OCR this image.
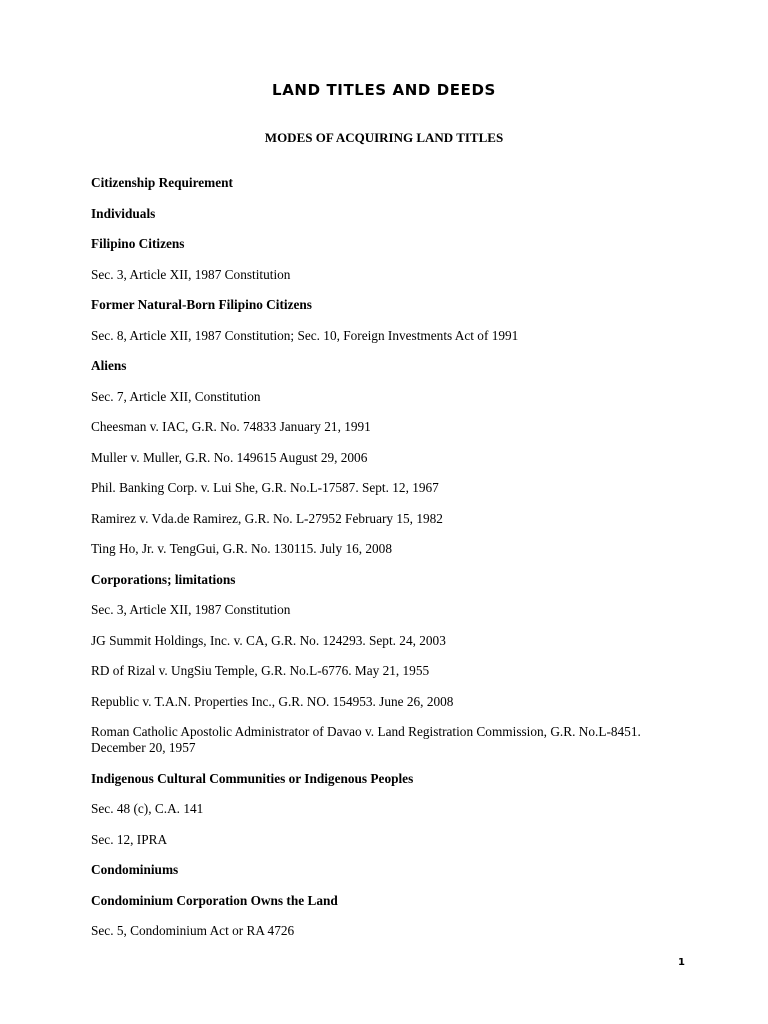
LAND TITLES AND DEEDS
MODES OF ACQUIRING LAND TITLES

Citizenship Requirement

Individuals

Filipino Citizens

Sec. 3, Article XII, 1987 Constitution

Former Natural-Born Filipino Citizens

Sec. 8, Article XII, 1987 Constitution; Sec. 10, Foreign Investments Act of 1991

Aliens

Sec. 7, Article XII, Constitution

Cheesman v. IAC, G.R. No. 74833 January 21, 1991

Muller v. Muller, G.R. No. 149615 August 29, 2006

Phil. Banking Corp. v. Lui She, G.R. No.L-17587. Sept. 12, 1967

Ramirez v. Vda.de Ramirez, G.R. No. L-27952 February 15, 1982

Ting Ho, Jr. v. TengGui, G.R. No. 130115. July 16, 2008

Corporations; limitations

Sec. 3, Article XII, 1987 Constitution

JG Summit Holdings, Inc. v. CA, G.R. No. 124293. Sept. 24, 2003

RD of Rizal v. UngSiu Temple, G.R. No.L-6776. May 21, 1955

Republic v. T.A.N. Properties Inc., G.R. NO. 154953. June 26, 2008

Roman Catholic Apostolic Administrator of Davao v. Land Registration Commission, G.R. No.L-8451. December 20, 1957

Indigenous Cultural Communities or Indigenous Peoples

Sec. 48 (c), C.A. 141

Sec. 12, IPRA

Condominiums

Condominium Corporation Owns the Land

Sec. 5, Condominium Act or RA 4726

1
